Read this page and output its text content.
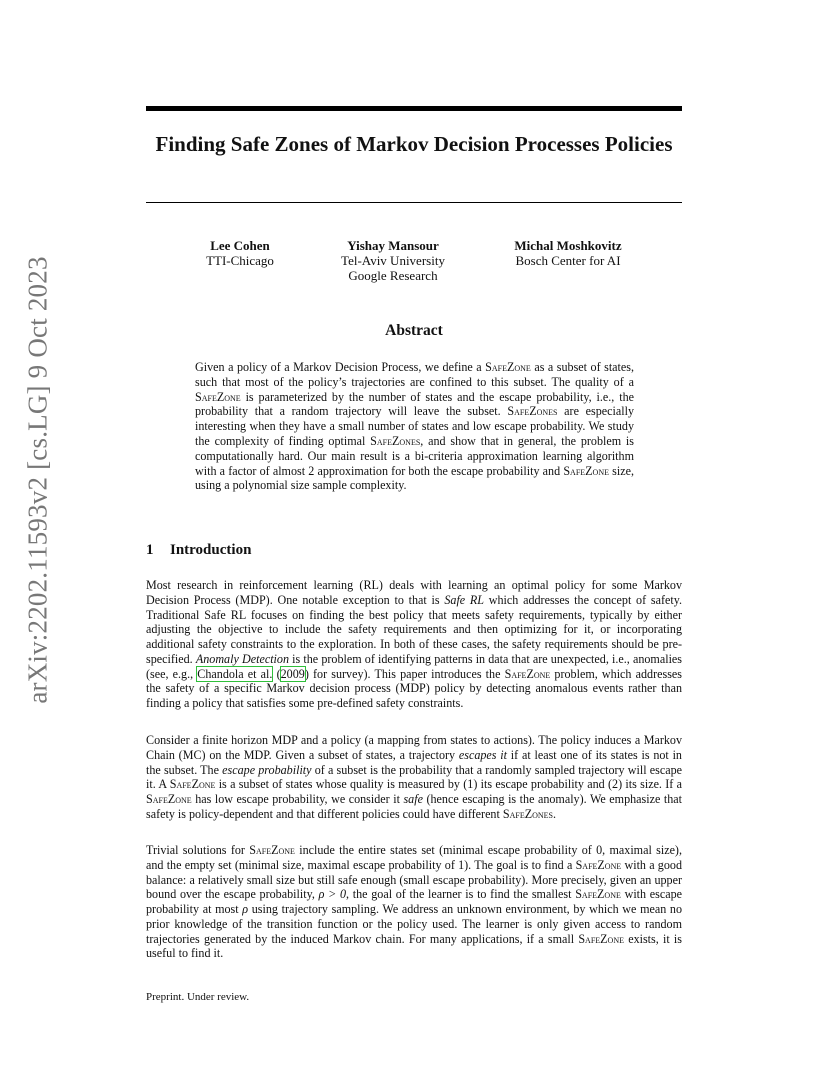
arXiv:2202.11593v2 [cs.LG] 9 Oct 2023
Finding Safe Zones of Markov Decision Processes Policies
Lee Cohen
TTI-Chicago
Yishay Mansour
Tel-Aviv University
Google Research
Michal Moshkovitz
Bosch Center for AI
Abstract

Given a policy of a Markov Decision Process, we define a SafeZone as a subset of states, such that most of the policy’s trajectories are confined to this subset. The quality of a SafeZone is parameterized by the number of states and the escape probability, i.e., the probability that a random trajectory will leave the subset. SafeZones are especially interesting when they have a small number of states and low escape probability. We study the complexity of finding optimal SafeZones, and show that in general, the problem is computationally hard. Our main result is a bi-criteria approximation learning algorithm with a factor of almost 2 approximation for both the escape probability and SafeZone size, using a polynomial size sample complexity.

1 Introduction

Most research in reinforcement learning (RL) deals with learning an optimal policy for some Markov Decision Process (MDP). One notable exception to that is Safe RL which addresses the concept of safety. Traditional Safe RL focuses on finding the best policy that meets safety requirements, typically by either adjusting the objective to include the safety requirements and then optimizing for it, or incorporating additional safety constraints to the exploration. In both of these cases, the safety requirements should be pre-specified. Anomaly Detection is the problem of identifying patterns in data that are unexpected, i.e., anomalies (see, e.g., Chandola et al. (2009) for survey). This paper introduces the SafeZone problem, which addresses the safety of a specific Markov decision process (MDP) policy by detecting anomalous events rather than finding a policy that satisfies some pre-defined safety constraints.

Consider a finite horizon MDP and a policy (a mapping from states to actions). The policy induces a Markov Chain (MC) on the MDP. Given a subset of states, a trajectory escapes it if at least one of its states is not in the subset. The escape probability of a subset is the probability that a randomly sampled trajectory will escape it. A SafeZone is a subset of states whose quality is measured by (1) its escape probability and (2) its size. If a SafeZone has low escape probability, we consider it safe (hence escaping is the anomaly). We emphasize that safety is policy-dependent and that different policies could have different SafeZones.

Trivial solutions for SafeZone include the entire states set (minimal escape probability of 0, maximal size), and the empty set (minimal size, maximal escape probability of 1). The goal is to find a SafeZone with a good balance: a relatively small size but still safe enough (small escape probability). More precisely, given an upper bound over the escape probability, ρ > 0, the goal of the learner is to find the smallest SafeZone with escape probability at most ρ using trajectory sampling. We address an unknown environment, by which we mean no prior knowledge of the transition function or the policy used. The learner is only given access to random trajectories generated by the induced Markov chain. For many applications, if a small SafeZone exists, it is useful to find it.

Preprint. Under review.
